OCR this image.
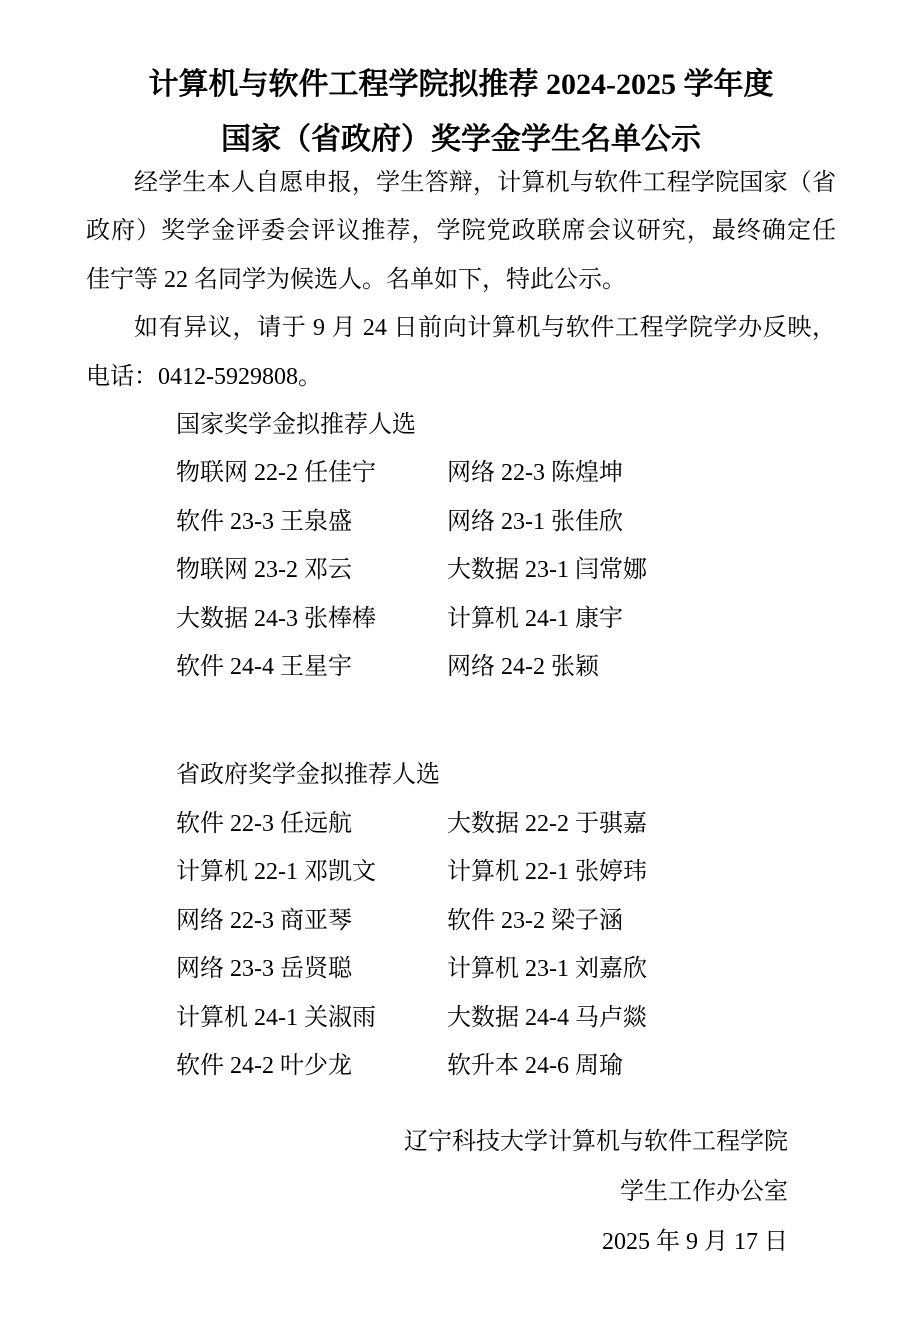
计算机与软件工程学院拟推荐 2024-2025 学年度
国家（省政府）奖学金学生名单公示
经学生本人自愿申报，学生答辩，计算机与软件工程学院国家（省
政府）奖学金评委会评议推荐，学院党政联席会议研究，最终确定任
佳宁等 22 名同学为候选人。名单如下，特此公示。
如有异议，请于 9 月 24 日前向计算机与软件工程学院学办反映，
电话：0412-5929808。
国家奖学金拟推荐人选
物联网 22-2 任佳宁	网络 22-3 陈煌坤
软件 23-3 王泉盛	网络 23-1 张佳欣
物联网 23-2 邓云	大数据 23-1 闫常娜
大数据 24-3 张棒棒	计算机 24-1 康宇
软件 24-4 王星宇	网络 24-2 张颖
省政府奖学金拟推荐人选
软件 22-3 任远航	大数据 22-2 于骐嘉
计算机 22-1 邓凯文	计算机 22-1 张婷玮
网络 22-3 商亚琴	软件 23-2 梁子涵
网络 23-3 岳贤聪	计算机 23-1 刘嘉欣
计算机 24-1 关淑雨	大数据 24-4 马卢燚
软件 24-2 叶少龙	软升本 24-6 周瑜
辽宁科技大学计算机与软件工程学院
学生工作办公室
2025 年 9 月 17 日
